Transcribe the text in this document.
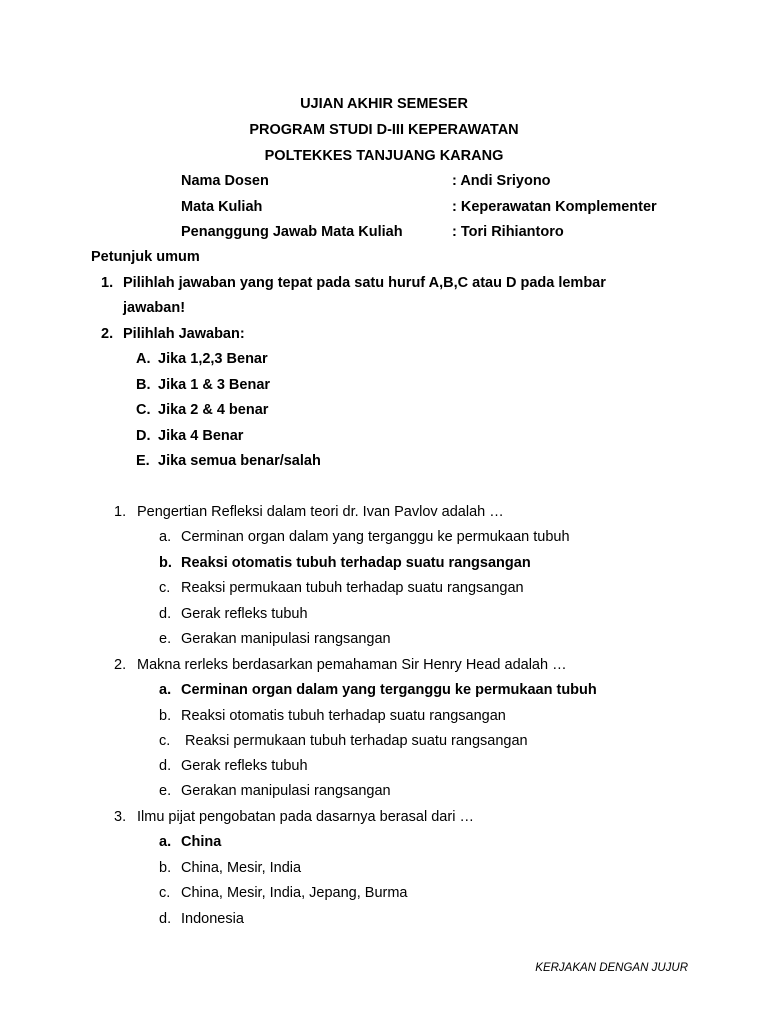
UJIAN AKHIR SEMESER
PROGRAM STUDI D-III KEPERAWATAN
POLTEKKES TANJUANG KARANG
Nama Dosen	: Andi Sriyono
Mata Kuliah	: Keperawatan Komplementer
Penanggung Jawab Mata Kuliah	: Tori Rihiantoro
Petunjuk umum
1. Pilihlah jawaban yang tepat pada satu huruf A,B,C atau D pada lembar
jawaban!
2. Pilihlah Jawaban:
A. Jika 1,2,3 Benar
B. Jika 1 & 3 Benar
C. Jika 2 & 4 benar
D. Jika 4 Benar
E. Jika semua benar/salah
1. Pengertian Refleksi dalam teori dr. Ivan Pavlov adalah …
a. Cerminan organ dalam yang terganggu ke permukaan tubuh
b. Reaksi otomatis tubuh terhadap suatu rangsangan
c. Reaksi permukaan tubuh terhadap suatu rangsangan
d. Gerak refleks tubuh
e. Gerakan manipulasi rangsangan
2. Makna rerleks berdasarkan pemahaman Sir Henry Head adalah …
a. Cerminan organ dalam yang terganggu ke permukaan tubuh
b. Reaksi otomatis tubuh terhadap suatu rangsangan
c. Reaksi permukaan tubuh terhadap suatu rangsangan
d. Gerak refleks tubuh
e. Gerakan manipulasi rangsangan
3. Ilmu pijat pengobatan pada dasarnya berasal dari …
a. China
b. China, Mesir, India
c. China, Mesir, India, Jepang, Burma
d. Indonesia
KERJAKAN DENGAN JUJUR
